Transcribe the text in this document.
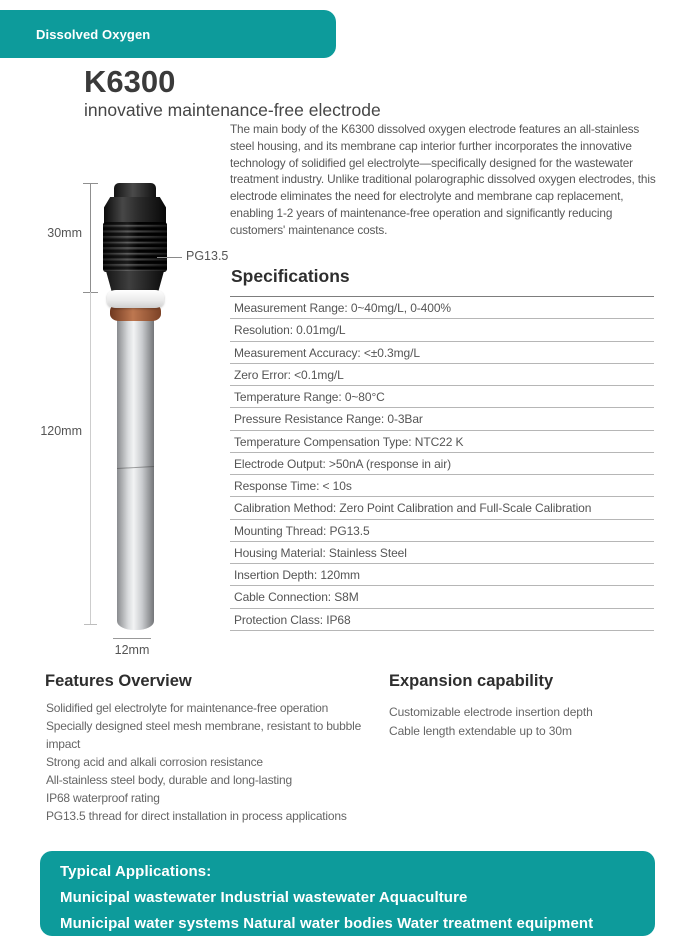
Dissolved Oxygen
K6300
innovative maintenance-free electrode
30mm
120mm
PG13.5
12mm

The main body of the K6300 dissolved oxygen electrode features an all-stainless steel housing, and its membrane cap interior further incorporates the innovative technology of solidified gel electrolyte—specifically designed for the wastewater treatment industry. Unlike traditional polarographic dissolved oxygen electrodes, this electrode eliminates the need for electrolyte and membrane cap replacement, enabling 1-2 years of maintenance-free operation and significantly reducing customers' maintenance costs.

Specifications
Measurement Range: 0~40mg/L, 0-400%
Resolution: 0.01mg/L
Measurement Accuracy: <±0.3mg/L
Zero Error: <0.1mg/L
Temperature Range: 0~80°C
Pressure Resistance Range: 0-3Bar
Temperature Compensation Type: NTC22 K
Electrode Output: >50nA (response in air)
Response Time: < 10s
Calibration Method: Zero Point Calibration and Full-Scale Calibration
Mounting Thread: PG13.5
Housing Material: Stainless Steel
Insertion Depth: 120mm
Cable Connection: S8M
Protection Class: IP68
Features Overview
Solidified gel electrolyte for maintenance-free operation
Specially designed steel mesh membrane, resistant to bubble impact
Strong acid and alkali corrosion resistance
All-stainless steel body, durable and long-lasting
IP68 waterproof rating
PG13.5 thread for direct installation in process applications
Expansion capability
Customizable electrode insertion depth
Cable length extendable up to 30m
Typical Applications:
Municipal wastewater Industrial wastewater Aquaculture
Municipal water systems Natural water bodies Water treatment equipment
